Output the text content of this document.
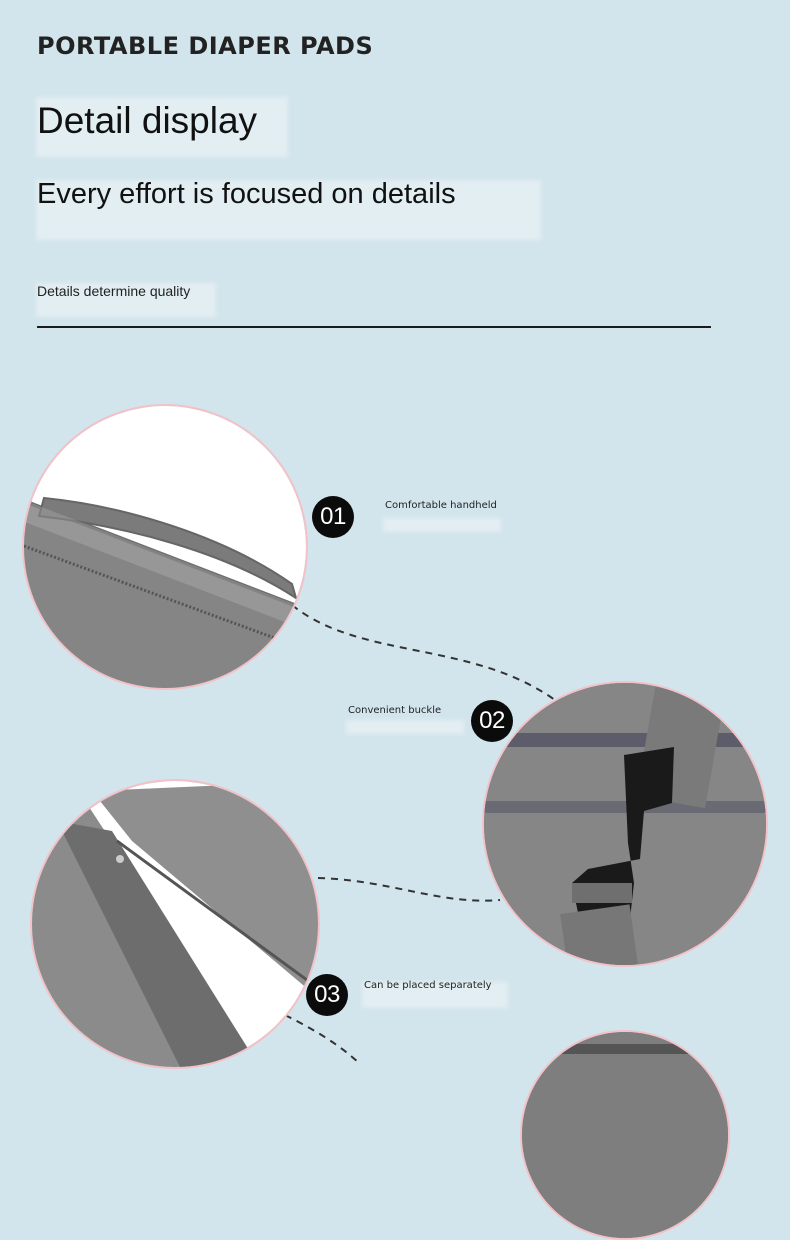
PORTABLE DIAPER PADS
Detail display
Every effort is focused on details
Details determine quality
01	Comfortable handheld
02
Convenient buckle
03	Can be placed separately
